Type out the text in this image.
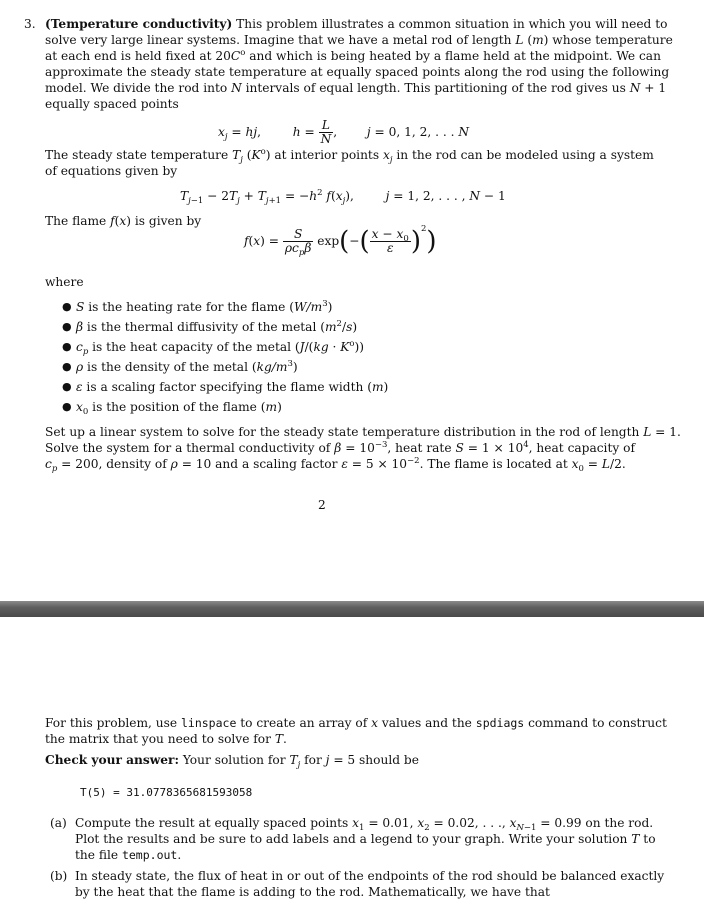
3. (Temperature conductivity) This problem illustrates a common situation in which you will need to
solve very large linear systems. Imagine that we have a metal rod of length L (m) whose temperature
at each end is held fixed at $20C^o$ and which is being heated by a flame held at the midpoint. We can
approximate the steady state temperature at equally spaced points along the rod using the following
model. We divide the rod into N intervals of equal length. This partitioning of the rod gives us N + 1
equally spaced points
$x_j$ = hj,  $h = \frac{L}{N}$ ,  j = 0, 1, 2, . . . N
The steady state temperature $T_j$ $(K^o)$ at interior points $x_j$ in the rod can be modeled using a system
of equations given by
$T_{j-1} - 2T_j + T_{j+1} = -h^2$ $f(x_j)$,  j = 1, 2, . . . , N − 1
The flame f(x) is given by
$f(x) = \frac{S}{\rho c_p\beta} \exp(-( \frac{x - x_0}{\varepsilon} )^2)$
where
● S is the heating rate for the flame $(W/m^3)$
● β is the thermal diffusivity of the metal $(m^2/s)$
● $c_p$ is the heat capacity of the metal $(J/(kg \cdot K^o))$
● ρ is the density of the metal $(kg/m^3)$
● ε is a scaling factor specifying the flame width (m)
● $x_0$ is the position of the flame (m)
Set up a linear system to solve for the steady state temperature distribution in the rod of length L = 1.
Solve the system for a thermal conductivity of $\beta = 10^{-3}$, heat rate $S = 1 \times 10^4$, heat capacity of
$c_p = 200$, density of ρ = 10 and a scaling factor $\varepsilon = 5 \times 10^{-2}$. The flame is located at $x_0 = L/2$.
2
For this problem, use linspace to create an array of x values and the spdiags command to construct
the matrix that you need to solve for T.
Check your answer: Your solution for $T_j$ for j = 5 should be
T(5) = 31.0778365681593058
(a) Compute the result at equally spaced points $x_1 = 0.01$, $x_2 = 0.02$, . . ., $x_{N-1} = 0.99$ on the rod.
Plot the results and be sure to add labels and a legend to your graph. Write your solution T to
the file temp.out.
(b) In steady state, the flux of heat in or out of the endpoints of the rod should be balanced exactly
by the heat that the flame is adding to the rod. Mathematically, we have that
